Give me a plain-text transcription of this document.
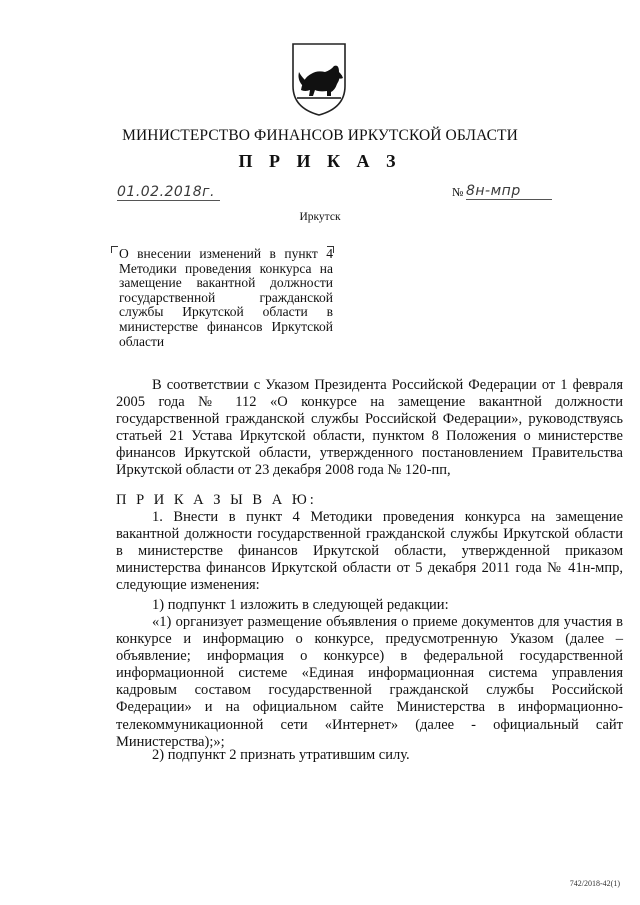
МИНИСТЕРСТВО ФИНАНСОВ ИРКУТСКОЙ ОБЛАСТИ
П Р И К А З
01.02.2018г.	№ 8н-мпр
Иркутск
О внесении изменений в пункт 4 Методики проведения конкурса на замещение вакантной должности государственной гражданской службы Иркутской области в министерстве финансов Иркутской области
В соответствии с Указом Президента Российской Федерации от 1 февраля 2005 года № 112 «О конкурсе на замещение вакантной должности государственной гражданской службы Российской Федерации», руководствуясь статьей 21 Устава Иркутской области, пунктом 8 Положения о министерстве финансов Иркутской области, утвержденного постановлением Правительства Иркутской области от 23 декабря 2008 года № 120-пп,
П Р И К А З Ы В А Ю:
1. Внести в пункт 4 Методики проведения конкурса на замещение вакантной должности государственной гражданской службы Иркутской области в министерстве финансов Иркутской области, утвержденной приказом министерства финансов Иркутской области от 5 декабря 2011 года № 41н-мпр, следующие изменения:
1) подпункт 1 изложить в следующей редакции:
«1) организует размещение объявления о приеме документов для участия в конкурсе и информацию о конкурсе, предусмотренную Указом (далее – объявление; информация о конкурсе) в федеральной государственной информационной системе «Единая информационная система управления кадровым составом государственной гражданской службы Российской Федерации» и на официальном сайте Министерства в информационно-телекоммуникационной сети «Интернет» (далее - официальный сайт Министерства);»;
2) подпункт 2 признать утратившим силу.
742/2018-42(1)
